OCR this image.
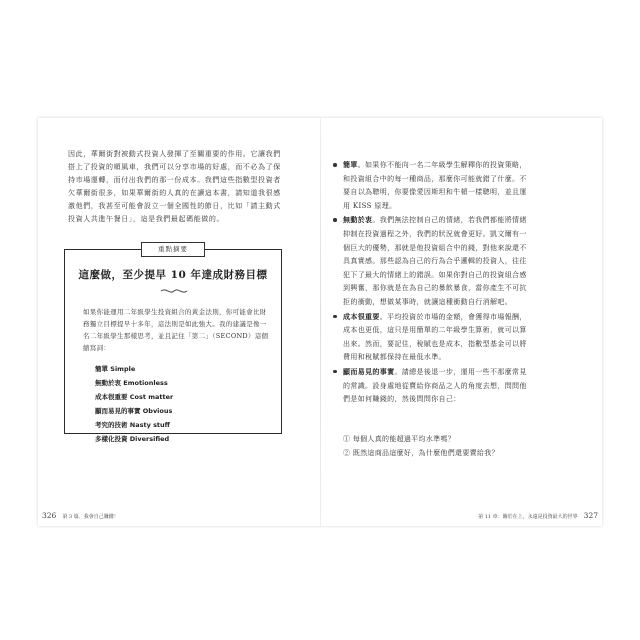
因此，華爾街對被動式投資人發揮了至關重要的作用。它讓我們搭上了投資的順風車，我們可以分享市場的好處，而不必為了保持市場運轉，而付出我們的那一份成本。我們這些指數型投資者欠華爾街很多，如果華爾街的人真的在讀這本書，請知道我很感激他們，我甚至可能會設立一個全國性的節日，比如「請主動式投資人共進午餐日」，這是我們最起碼能做的。

重點摘要
這麼做，至少提早 10 年達成財務目標

如果你能運用二年級學生投資組合的黃金法則，你可能會比財務獨立目標提早十多年，這法則是如此強大。我的建議是像一名二年級學生那樣思考，並且記住「第二」（SECOND）這個縮寫詞：

簡單 Simple
無動於衷 Emotionless
成本很重要 Cost matter
顯而易見的事實 Obvious
考究的技術 Nasty stuff
多樣化投資 Diversified
326 第 3 篇．我會自己賺錢！
簡單。如果你不能向一名二年級學生解釋你的投資策略，和投資組合中的每一種商品，那麼你可能就錯了什麼。不要自以為聰明，你要像愛因斯坦和牛頓一樣聰明，並且運用 KISS 原理。
無動於衷。我們無法控制自己的情緒，若我們都能將情緒抑制在投資過程之外，我們的狀況就會更好。凱文爾有一個巨大的優勢，那就是他投資組合中的錢，對他來說還不具真實感。那些認為自己的行為合乎邏輯的投資人，往往犯下了最大的情緒上的錯誤。如果你對自己的投資組合感到興奮，那你就是在為自己的暴飲暴食，當你產生不可抗拒的衝動，想做某事時，就讓這種衝動自行消解吧。
成本很重要。平均投資於市場的金額，會獲得市場報酬，成本也更低，這只是用簡單的二年級學生算術，就可以算出來。然而，要記住，稅賦也是成本，指數型基金可以將費用和稅賦都保持在最低水準。
顯而易見的事實。請總是後退一步，運用一些不那麼常見的常識。設身處地從賣給你商品之人的角度去想，問問他們是如何賺錢的，然後問問你自己：
① 每個人真的能超過平均水準嗎？
② 既然這商品這麼好，為什麼他們還要賣給我？
第 11 章：關於在上，永遠是投資最大的世界 327
